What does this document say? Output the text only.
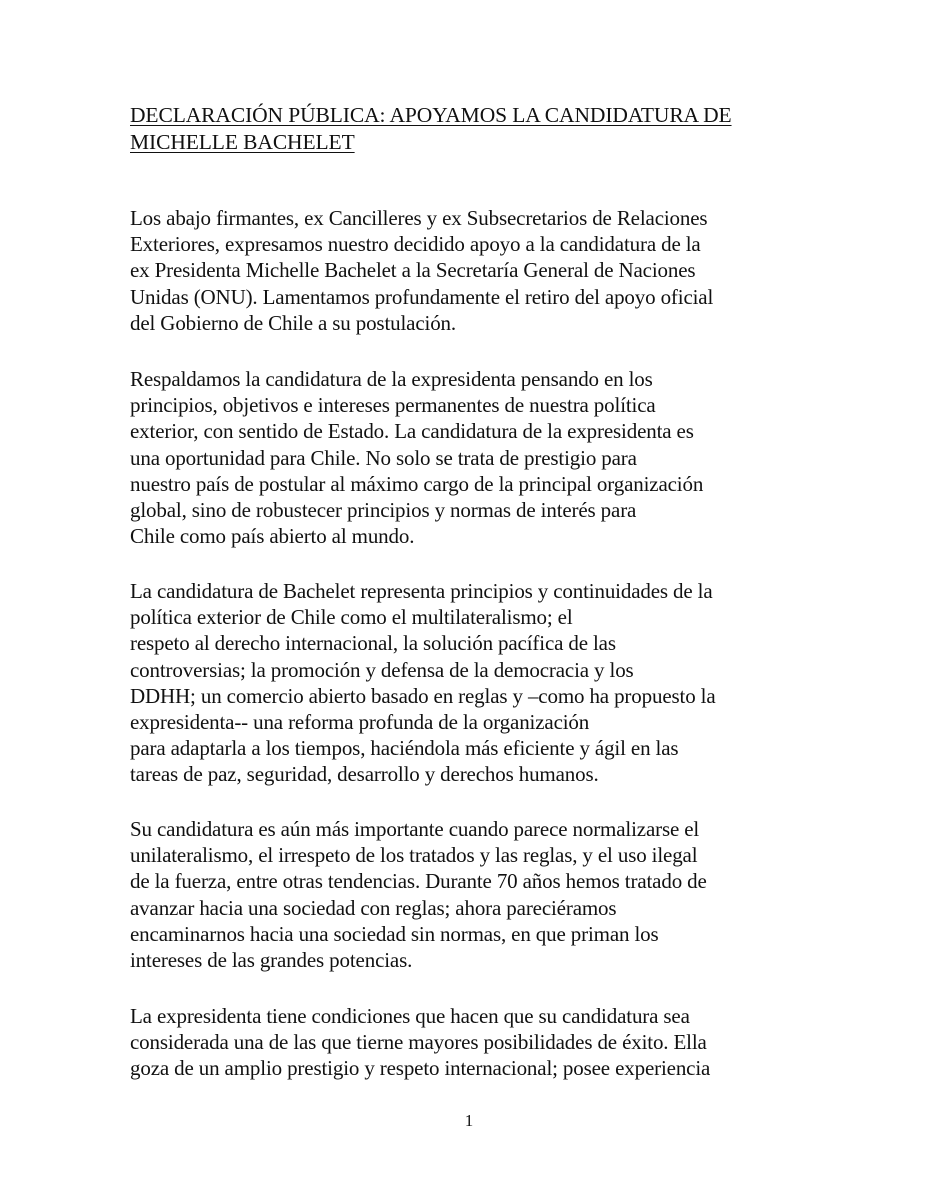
DECLARACIÓN PÚBLICA: APOYAMOS LA CANDIDATURA DE
MICHELLE BACHELET
Los abajo firmantes, ex Cancilleres y ex Subsecretarios de Relaciones
Exteriores, expresamos nuestro decidido apoyo a la candidatura de la
ex Presidenta Michelle Bachelet a la Secretaría General de Naciones
Unidas (ONU). Lamentamos profundamente el retiro del apoyo oficial
del Gobierno de Chile a su postulación.
Respaldamos la candidatura de la expresidenta pensando en los
principios, objetivos e intereses permanentes de nuestra política
exterior, con sentido de Estado. La candidatura de la expresidenta es
una oportunidad para Chile. No solo se trata de prestigio para
nuestro país de postular al máximo cargo de la principal organización
global, sino de robustecer principios y normas de interés para
Chile como país abierto al mundo.
La candidatura de Bachelet representa principios y continuidades de la
política exterior de Chile como el multilateralismo; el
respeto al derecho internacional, la solución pacífica de las
controversias; la promoción y defensa de la democracia y los
DDHH; un comercio abierto basado en reglas y –como ha propuesto la
expresidenta-- una reforma profunda de la organización
para adaptarla a los tiempos, haciéndola más eficiente y ágil en las
tareas de paz, seguridad, desarrollo y derechos humanos.
Su candidatura es aún más importante cuando parece normalizarse el
unilateralismo, el irrespeto de los tratados y las reglas, y el uso ilegal
de la fuerza, entre otras tendencias. Durante 70 años hemos tratado de
avanzar hacia una sociedad con reglas; ahora pareciéramos
encaminarnos hacia una sociedad sin normas, en que priman los
intereses de las grandes potencias.
La expresidenta tiene condiciones que hacen que su candidatura sea
considerada una de las que tierne mayores posibilidades de éxito. Ella
goza de un amplio prestigio y respeto internacional; posee experiencia
1
